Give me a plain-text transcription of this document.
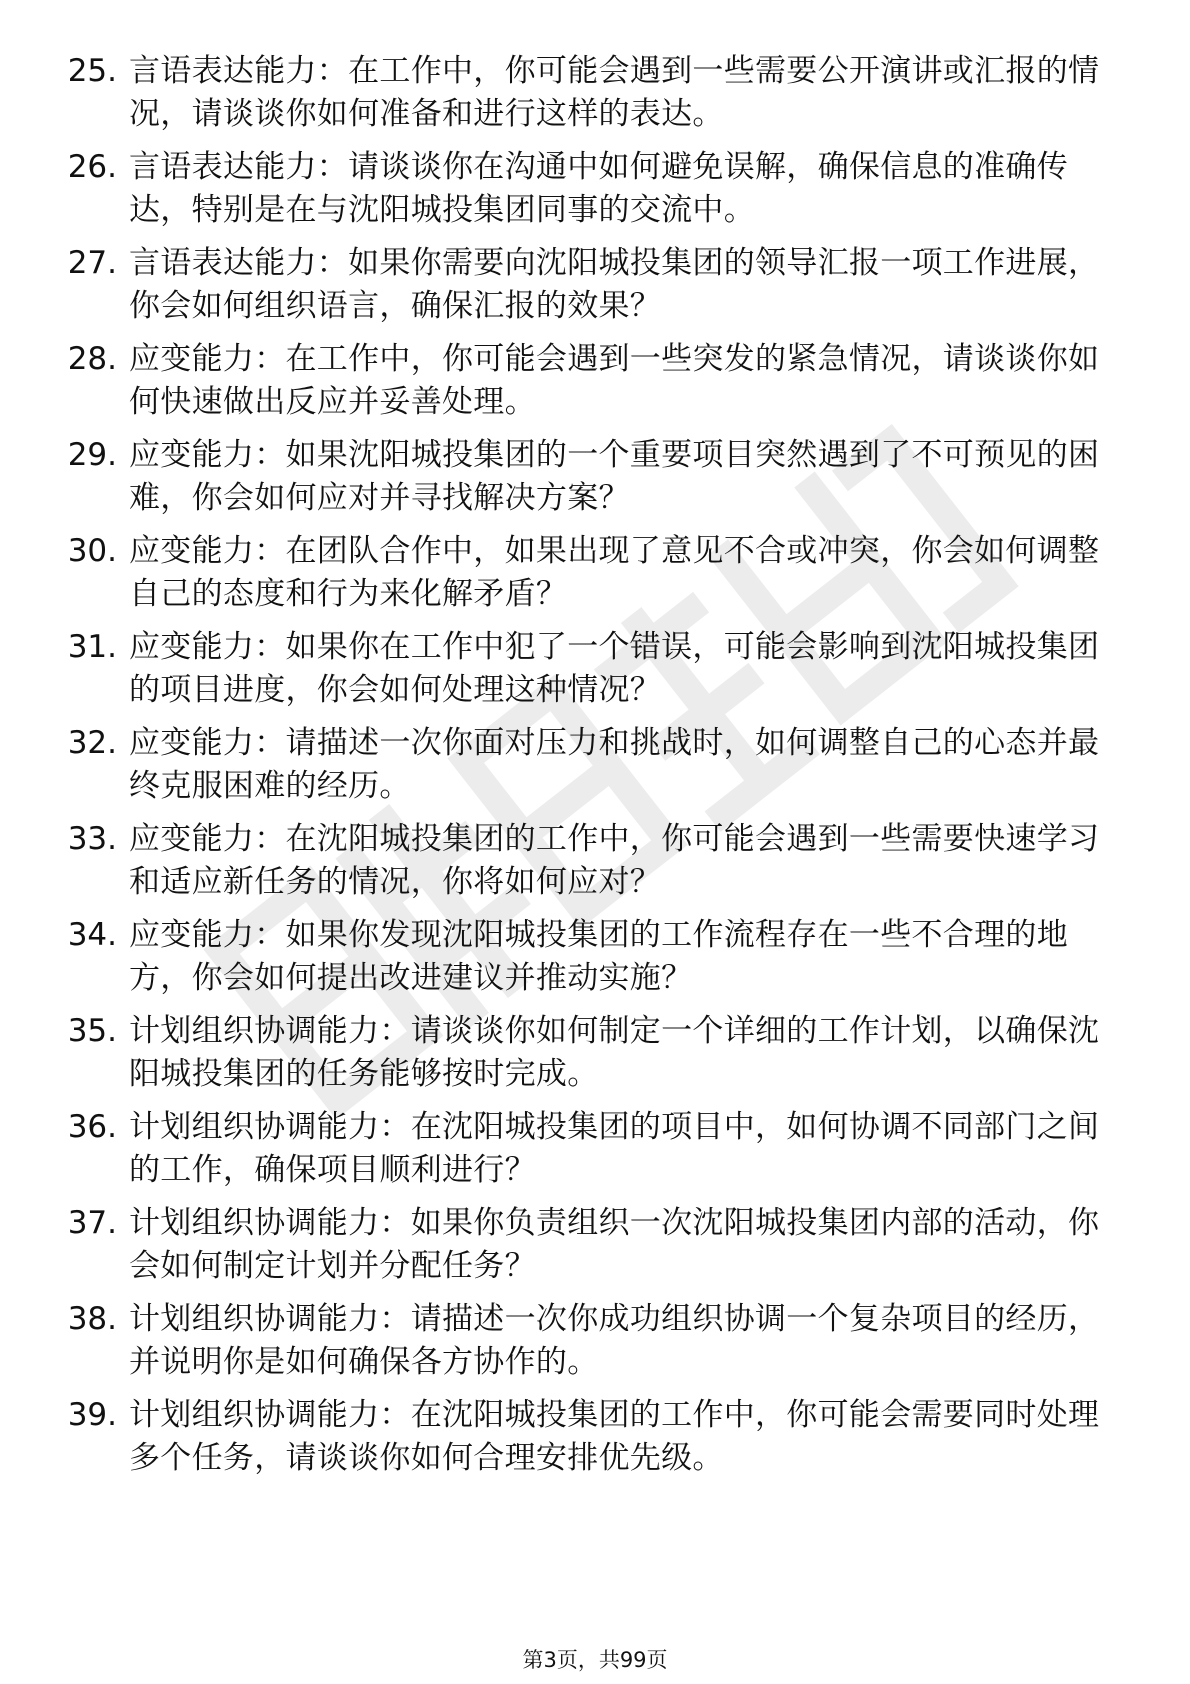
25. 言语表达能力：在工作中，你可能会遇到一些需要公开演讲或汇报的情况，请谈谈你如何准备和进行这样的表达。
26. 言语表达能力：请谈谈你在沟通中如何避免误解，确保信息的准确传达，特别是在与沈阳城投集团同事的交流中。
27. 言语表达能力：如果你需要向沈阳城投集团的领导汇报一项工作进展，你会如何组织语言，确保汇报的效果？
28. 应变能力：在工作中，你可能会遇到一些突发的紧急情况，请谈谈你如何快速做出反应并妥善处理。
29. 应变能力：如果沈阳城投集团的一个重要项目突然遇到了不可预见的困难，你会如何应对并寻找解决方案？
30. 应变能力：在团队合作中，如果出现了意见不合或冲突，你会如何调整自己的态度和行为来化解矛盾？
31. 应变能力：如果你在工作中犯了一个错误，可能会影响到沈阳城投集团的项目进度，你会如何处理这种情况？
32. 应变能力：请描述一次你面对压力和挑战时，如何调整自己的心态并最终克服困难的经历。
33. 应变能力：在沈阳城投集团的工作中，你可能会遇到一些需要快速学习和适应新任务的情况，你将如何应对？
34. 应变能力：如果你发现沈阳城投集团的工作流程存在一些不合理的地方，你会如何提出改进建议并推动实施？
35. 计划组织协调能力：请谈谈你如何制定一个详细的工作计划，以确保沈阳城投集团的任务能够按时完成。
36. 计划组织协调能力：在沈阳城投集团的项目中，如何协调不同部门之间的工作，确保项目顺利进行？
37. 计划组织协调能力：如果你负责组织一次沈阳城投集团内部的活动，你会如何制定计划并分配任务？
38. 计划组织协调能力：请描述一次你成功组织协调一个复杂项目的经历，并说明你是如何确保各方协作的。
39. 计划组织协调能力：在沈阳城投集团的工作中，你可能会需要同时处理多个任务，请谈谈你如何合理安排优先级。
第3页，共99页
